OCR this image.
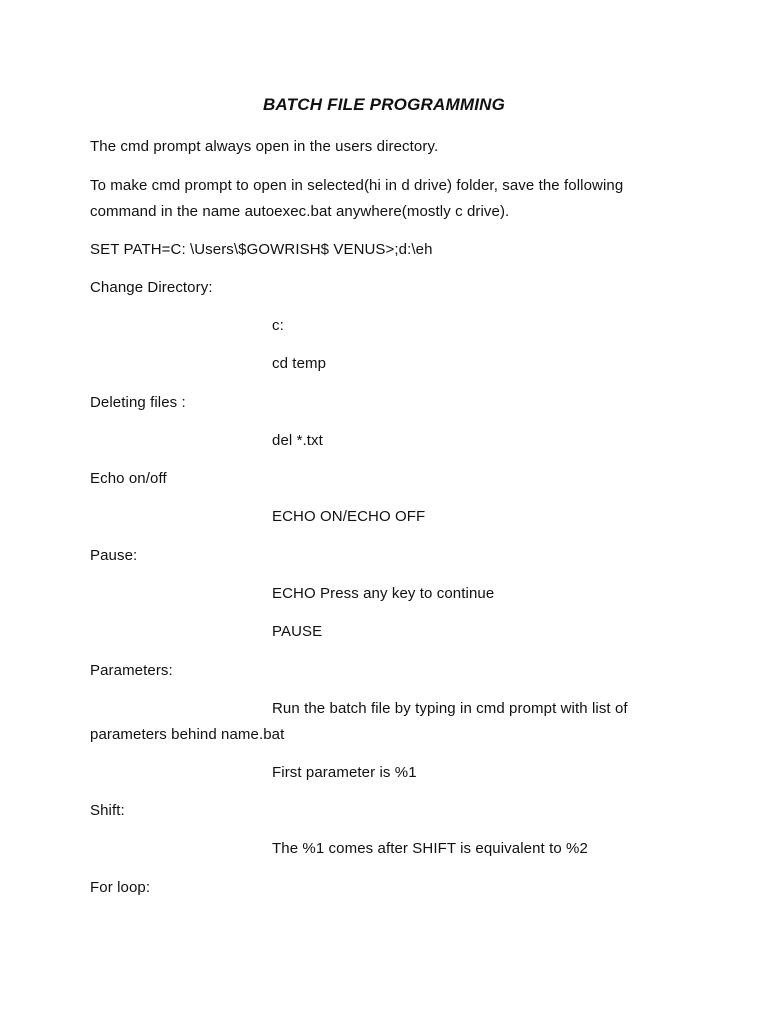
BATCH FILE PROGRAMMING
The cmd prompt always open in the users directory.
To make cmd prompt to open in selected(hi in d drive) folder, save the following
command in the name autoexec.bat anywhere(mostly c drive).
SET PATH=C: \Users\$GOWRISH$ VENUS>;d:\eh
Change Directory:
c:
cd temp
Deleting files :
del *.txt
Echo on/off
ECHO ON/ECHO OFF
Pause:
ECHO Press any key to continue
PAUSE
Parameters:
Run the batch file by typing in cmd prompt with list of
parameters behind name.bat
First parameter is %1
Shift:
The %1 comes after SHIFT is equivalent to %2
For loop:
